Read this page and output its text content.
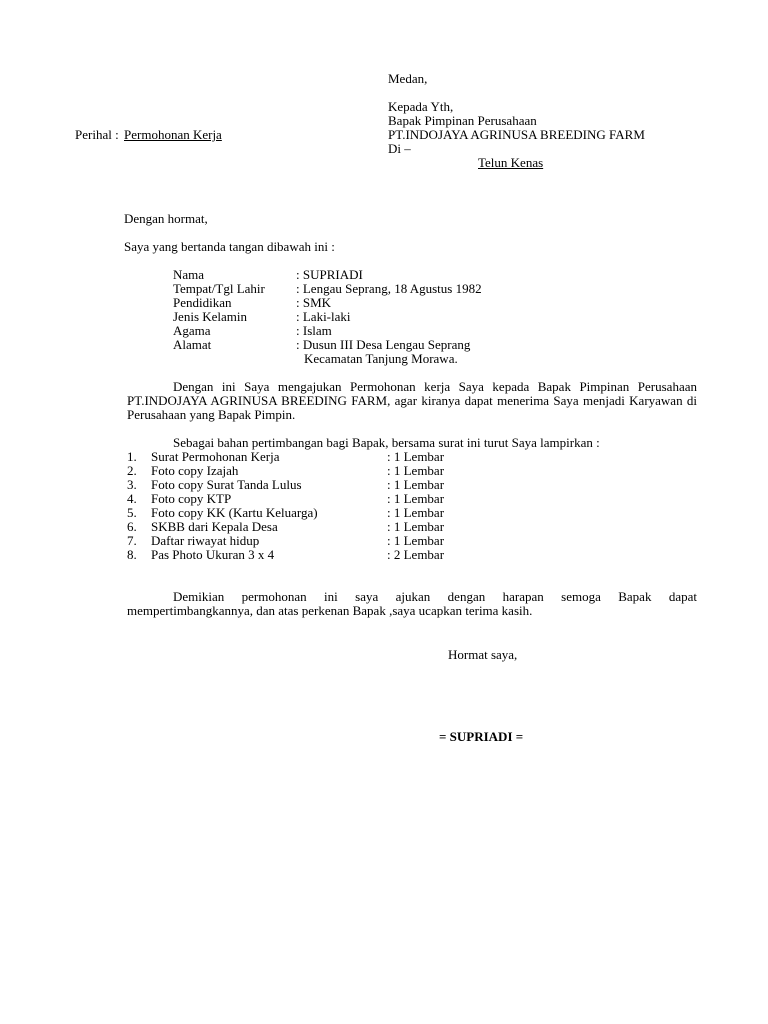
Medan,
Kepada Yth,
Bapak Pimpinan Perusahaan
PT.INDOJAYA AGRINUSA BREEDING FARM
Di –
Telun Kenas
Perihal : Permohonan Kerja
Dengan hormat,
Saya yang bertanda tangan dibawah ini :
Nama	: SUPRIADI
Tempat/Tgl Lahir : Lengau Seprang, 18 Agustus 1982
Pendidikan	: SMK
Jenis Kelamin	: Laki-laki
Agama	: Islam
Alamat	: Dusun III Desa Lengau Seprang
Kecamatan Tanjung Morawa.
Dengan ini Saya mengajukan Permohonan kerja Saya kepada Bapak Pimpinan Perusahaan PT.INDOJAYA AGRINUSA BREEDING FARM, agar kiranya dapat menerima Saya menjadi Karyawan di Perusahaan yang Bapak Pimpin.
Sebagai bahan pertimbangan bagi Bapak, bersama surat ini turut Saya lampirkan :
1. Surat Permohonan Kerja	: 1 Lembar
2. Foto copy Izajah	: 1 Lembar
3. Foto copy Surat Tanda Lulus	: 1 Lembar
4. Foto copy KTP	: 1 Lembar
5. Foto copy KK (Kartu Keluarga)	: 1 Lembar
6. SKBB dari Kepala Desa	: 1 Lembar
7. Daftar riwayat hidup	: 1 Lembar
8. Pas Photo Ukuran 3 x 4	: 2 Lembar
Demikian permohonan ini saya ajukan dengan harapan semoga Bapak dapat mempertimbangkannya, dan atas perkenan Bapak ,saya ucapkan terima kasih.
Hormat saya,
= SUPRIADI =
